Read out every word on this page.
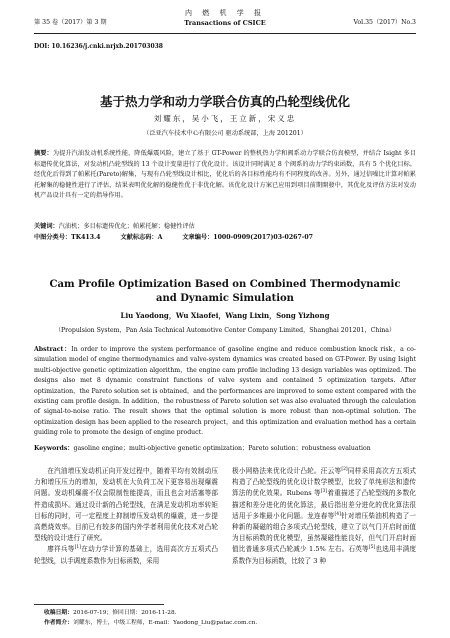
第 35 卷（2017）第 3 期
内 燃 机 学 报
Transactions of CSICE	Vol.35（2017）No.3
DOI: 10.16236/j.cnki.nrjxb.201703038
基于热力学和动力学联合仿真的凸轮型线优化
刘耀东，吴小飞，王立新，宋义忠
（泛亚汽车技术中心有限公司 驱动系统部，上海 201201）
摘要：为提升汽油发动机系统性能、降低爆震风险，建立了基于 GT-Power 的整机热力学和阀系动力学联合仿真模型，并结合 Isight 多目标遗传优化算法，对发动机凸轮型线的 13 个设计变量进行了优化设计。该设计同时满足 8 个阀系的动力学约束函数，具有 5 个优化目标。经优化后得到了帕累托(Pareto)解集，与现有凸轮型线设计相比，优化后的各目标性能均有不同程度的改善。另外，通过信噪比计算对帕累托解集的稳健性进行了评估，结果表明优化解的稳健性优于非优化解。该优化设计方案已应用到项目前期開發中，其优化及评估方法对发动机产品设计具有一定的指导作用。
关键词：汽油机；多目标遗传优化；帕累托解；稳健性评估
中图分类号：TK413.4	文献标志码：A	文章编号：1000-0909(2017)03-0267-07
Cam Profile Optimization Based on Combined Thermodynamic
and Dynamic Simulation
Liu Yaodong，Wu Xiaofei，Wang Lixin，Song Yizhong
（Propulsion System，Pan Asia Technical Automotive Center Company Limited，Shanghai 201201，China）
Abstract：In order to improve the system performance of gasoline engine and reduce combustion knock risk，a co-simulation model of engine thermodynamics and valve-system dynamics was created based on GT-Power. By using Isight multi-objective genetic optimization algorithm，the engine cam profile including 13 design variables was optimized. The designs also met 8 dynamic constraint functions of valve system and contained 5 optimization targets. After optimization，the Pareto solution set is obtained，and the performances are improved to some extent compared with the existing cam profile design. In addition，the robustness of Pareto solution set was also evaluated through the calculation of signal-to-noise ratio. The result shows that the optimal solution is more robust than non-optimal solution. The optimization design has been applied to the research project，and this optimization and evaluation method has a certain guiding role to promote the design of engine product.
Keywords：gasoline engine；multi-objective genetic optimization；Pareto solution；robustness evaluation

在汽油增压发动机正向开发过程中，随着平均有效制动压力和增压压力的增加，发动机在大负荷工况下更容易出现爆震问题。发动机爆震不仅会限制性能提高，而且也会对活塞等部件造成损坏。通过设计新的凸轮型线，在满足发动机功率转矩目标的同时，可一定程度上抑制增压发动机的爆震，进一步提高燃烧效率。目前已有较多的国内外学者利用优化技术对凸轮型线的设计进行了研究。

廖祥兵等[1]在动力学计算的基础上，选用高次方五项式凸轮型线，以手调度系数作为目标函数，采用

极小网格法来优化设计凸轮。汪云等[2]同样采用高次方五项式构造了凸轮型线的优化设计数学模型，比较了单纯形法和遗传算法的优化效果。Rubens 等[3]着重描述了凸轮型线的多数化描述和差分进化的优化算法，最后指出差分进化的优化算法很适用于多维最小化问题。龙连春等[4]针对增压柴油机构造了一种新的凝磁的组合多项式凸轮型线，建立了以气门开启时面值为目标函数的优化模型，虽然凝磁性能良好，但气门开启时面值比普通多项式凸轮减少 1.5% 左右。石英等[5]也选用丰满度系数作为目标函数，比较了 3 种

收稿日期：2016-07-19；修回日期：2016-11-28.
作者简介：刘耀东，博士，中级工程师，E-mail：Yaodong_Liu@patac.com.cn.
